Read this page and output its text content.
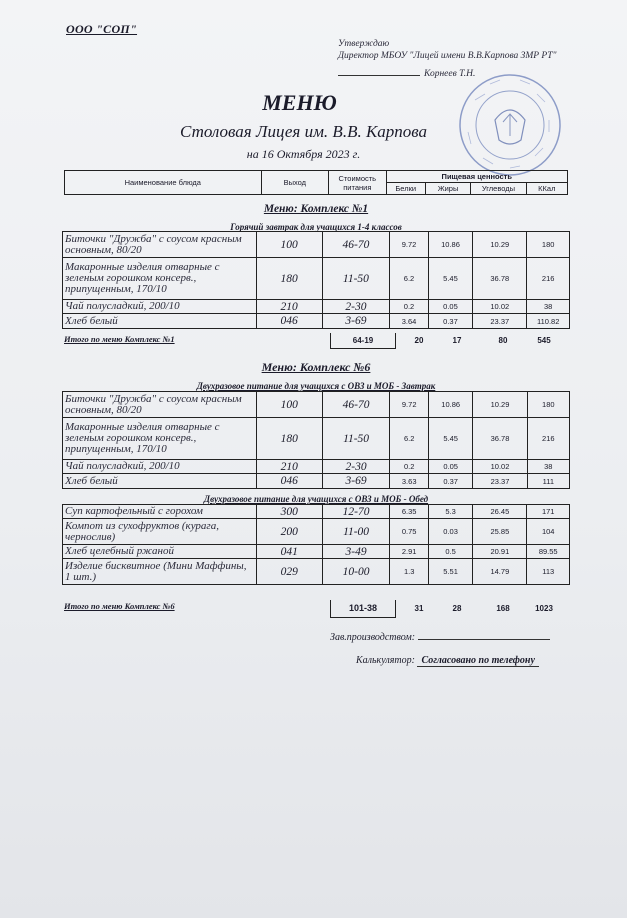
ООО "СОП"
Утверждаю
Директор МБОУ "Лицей имени В.В.Карпова ЗМР РТ"
Корнеев Т.Н.
МЕНЮ
Столовая Лицея им. В.В. Карпова
на 16 Октября 2023 г.
Наименование блюда	Выход	Стоимость питания	Пищевая ценность			
			Белки	Жиры	Углеводы	ККал
Меню: Комплекс №1
Горячий завтрак для учащихся 1-4 классов
Биточки "Дружба" с соусом красным основным, 80/20	100	46-70	9.72	10.86	10.29	180
Макаронные изделия отварные с зеленым горошком консерв., припущенным, 170/10	180	11-50	6.2	5.45	36.78	216
Чай полусладкий, 200/10	210	2-30	0.2	0.05	10.02	38
Хлеб белый	046	3-69	3.64	0.37	23.37	110.82
Итого по меню Комплекс №1	64-19	20	17	80	545
Меню: Комплекс №6
Двухразовое питание для учащихся с ОВЗ и МОБ - Завтрак
Биточки "Дружба" с соусом красным основным, 80/20	100	46-70	9.72	10.86	10.29	180
Макаронные изделия отварные с зеленым горошком консерв., припущенным, 170/10	180	11-50	6.2	5.45	36.78	216
Чай полусладкий, 200/10	210	2-30	0.2	0.05	10.02	38
Хлеб белый	046	3-69	3.63	0.37	23.37	111
Двухразовое питание для учащихся с ОВЗ и МОБ - Обед
Суп картофельный с горохом	300	12-70	6.35	5.3	26.45	171
Компот из сухофруктов (курага, чернослив)	200	11-00	0.75	0.03	25.85	104
Хлеб целебный ржаной	041	3-49	2.91	0.5	20.91	89.55
Изделие бисквитное (Мини Маффины, 1 шт.)	029	10-00	1.3	5.51	14.79	113
Итого по меню Комплекс №6	101-38	31	28	168	1023
Зав.производством:
Калькулятор: Согласовано по телефону
